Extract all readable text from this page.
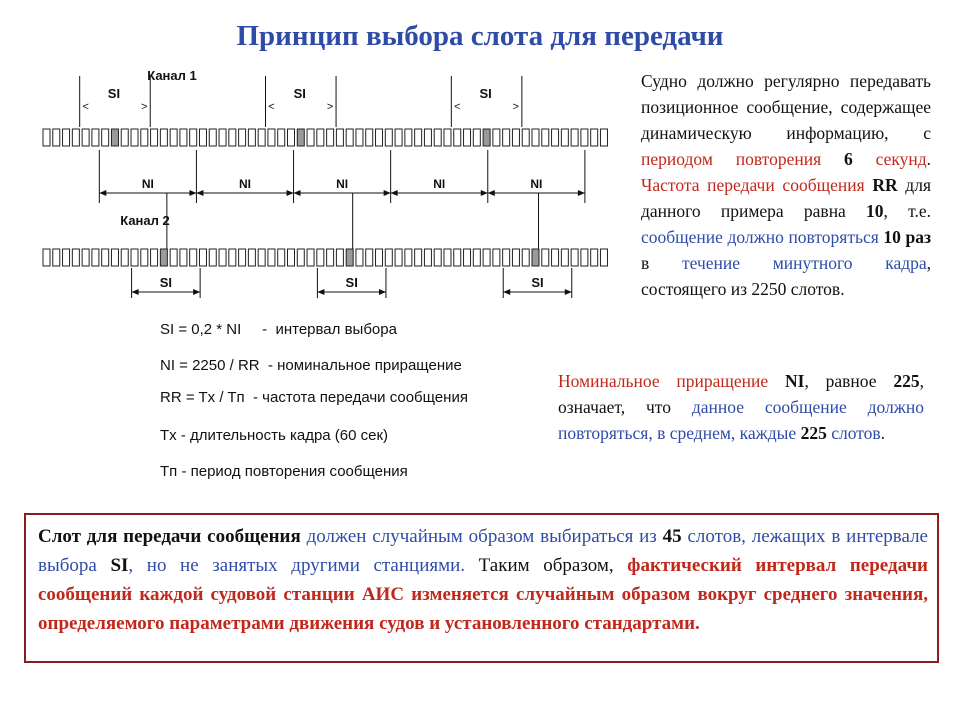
Принцип выбора слота для передачи
Канал 1
SI
<	>
SI
<	>
SI
<	>
NI	NI	NI	NI	NI
Канал 2
SI	SI	SI
Судно должно регулярно передавать позиционное сообщение, содержащее динамическую информацию, с периодом повторения 6 секунд. Частота передачи сообщения RR для данного примера равна 10, т.е. сообщение должно повторяться 10 раз в течение минутного кадра, состоящего из 2250 слотов.
Номинальное приращение NI, равное 225, означает, что данное сообщение должно повторяться, в среднем, каждые 225 слотов.
SI = 0,2 * NI     -  интервал выбора
NI = 2250 / RR  - номинальное приращение
RR = Tx / Tп  - частота передачи сообщения
Tx - длительность кадра (60 сек)
Tп - период повторения сообщения
Слот для передачи сообщения должен случайным образом выбираться из 45 слотов, лежащих в интервале выбора SI, но не занятых другими станциями. Таким образом, фактический интервал передачи сообщений каждой судовой станции АИС изменяется случайным образом вокруг среднего значения, определяемого параметрами движения судов и установленного стандартами.
